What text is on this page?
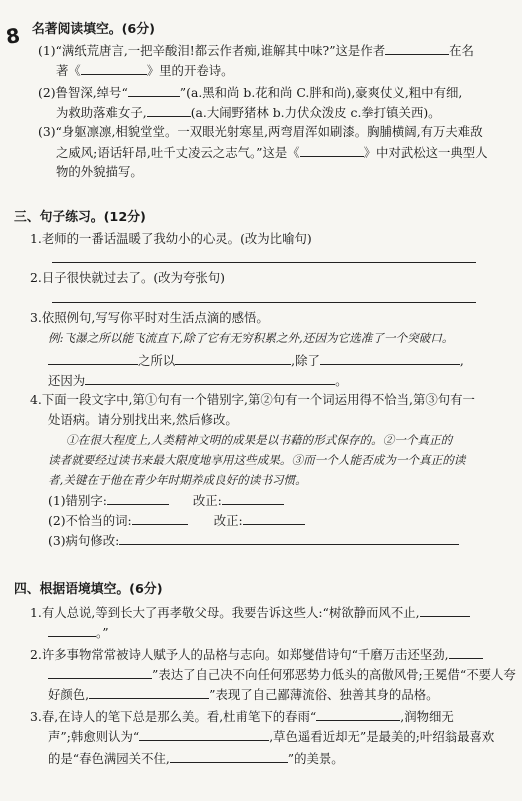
8 名著阅读填空。(6分)
(1)“满纸荒唐言,一把辛酸泪!都云作者痴,谁解其中味?”这是作者	在名
著《	》里的开卷诗。
(2)鲁智深,绰号“	”(a.黑和尚 b.花和尚 C.胖和尚),豪爽仗义,粗中有细,
为救助落难女子,	(a.大闹野猪林 b.力伏众泼皮 c.拳打镇关西)。
(3)“身躯凛凛,相貌堂堂。一双眼光射寒星,两弯眉浑如刷漆。胸脯横阔,有万夫难敌
之威风;语话轩昂,吐千丈凌云之志气。”这是《	》中对武松这一典型人
物的外貌描写。
三、句子练习。(12分)
1.老师的一番话温暖了我幼小的心灵。(改为比喻句)
2.日子很快就过去了。(改为夸张句)
3.依照例句,写写你平时对生活点滴的感悟。
例:飞瀑之所以能飞流直下,除了它有无穷积累之外,还因为它选准了一个突破口。
之所以	,除了	,
还因为	。
4.下面一段文字中,第①句有一个错别字,第②句有一个词运用得不恰当,第③句有一
处语病。请分别找出来,然后修改。
①在很大程度上,人类精神文明的成果是以书藉的形式保存的。②一个真正的
读者就要经过读书来最大限度地享用这些成果。③而一个人能否成为一个真正的读
者,关键在于他在青少年时期养成良好的读书习惯。
(1)错别字:	改正:
(2)不恰当的词:	改正:
(3)病句修改:
四、根据语境填空。(6分)
1.有人总说,等到长大了再孝敬父母。我要告诉这些人:“树欲静而风不止,
。”
2.许多事物常常被诗人赋予人的品格与志向。如郑燮借诗句“千磨万击还坚劲,
”表达了自己决不向任何邪恶势力低头的高傲风骨;王冕借“不要人夸
好颜色,	”表现了自己鄙薄流俗、独善其身的品格。
3.春,在诗人的笔下总是那么美。看,杜甫笔下的春雨“	,润物细无
声”;韩愈则认为“	,草色遥看近却无”是最美的;叶绍翁最喜欢
的是“春色满园关不住,	”的美景。
